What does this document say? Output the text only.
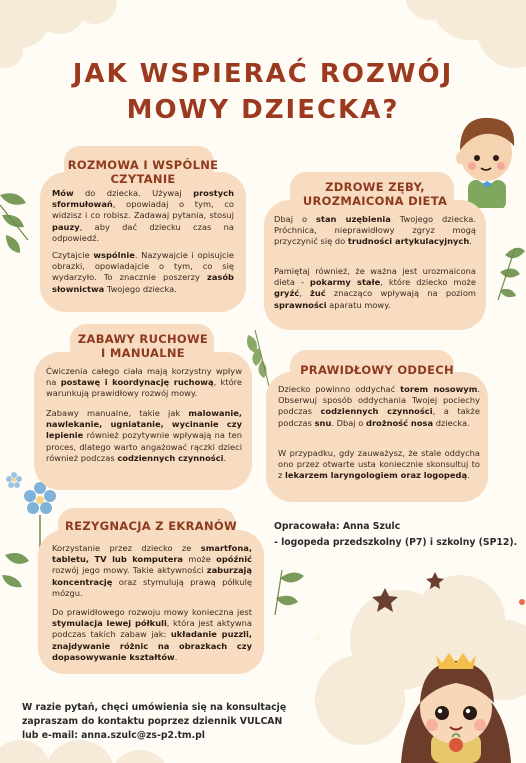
JAK WSPIERAĆ ROZWÓJ
MOWY DZIECKA?
ROZMOWA I WSPÓLNE
CZYTANIE
Mów do dziecka. Używaj prostych sformułowań, opowiadaj o tym, co widzisz i co robisz. Zadawaj pytania, stosuj pauzy, aby dać dziecku czas na odpowiedź.
Czytajcie wspólnie. Nazywajcie i opisujcie obrazki, opowiadajcie o tym, co się wydarzyło. To znacznie poszerzy zasób słownictwa Twojego dziecka.
ZDROWE ZĘBY,
UROZMAICONA DIETA
Dbaj o stan uzębienia Twojego dziecka. Próchnica, nieprawidłowy zgryz mogą przyczynić się do trudności artykulacyjnych.
Pamiętaj również, że ważna jest urozmaicona dieta - pokarmy stałe, które dziecko może gryźć, żuć znacząco wpływają na poziom sprawności aparatu mowy.
ZABAWY RUCHOWE
I MANUALNE
Ćwiczenia całego ciała mają korzystny wpływ na postawę i koordynację ruchową, które warunkują prawidłowy rozwój mowy.
Zabawy manualne, takie jak malowanie, nawlekanie, ugniatanie, wycinanie czy lepienie również pozytywnie wpływają na ten proces, dlatego warto angażować rączki dzieci również podczas codziennych czynności.
PRAWIDŁOWY ODDECH
Dziecko powinno oddychać torem nosowym. Obserwuj sposób oddychania Twojej pociechy podczas codziennych czynności, a także podczas snu. Dbaj o drożność nosa dziecka.
W przypadku, gdy zauważysz, że stale oddycha ono przez otwarte usta koniecznie skonsultuj to z lekarzem laryngologiem oraz logopedą.
REZYGNACJA Z EKRANÓW
Korzystanie przez dziecko ze smartfona, tabletu, TV lub komputera może opóźnić rozwój jego mowy. Takie aktywności zaburzają koncentrację oraz stymulują prawą półkulę mózgu.
Do prawidłowego rozwoju mowy konieczna jest stymulacja lewej półkuli, która jest aktywna podczas takich zabaw jak: układanie puzzli, znajdywanie różnic na obrazkach czy dopasowywanie kształtów.
Opracowała: Anna Szulc
- logopeda przedszkolny (P7) i szkolny (SP12).
W razie pytań, chęci umówienia się na konsultację
zapraszam do kontaktu poprzez dziennik VULCAN
lub e-mail: anna.szulc@zs-p2.tm.pl
